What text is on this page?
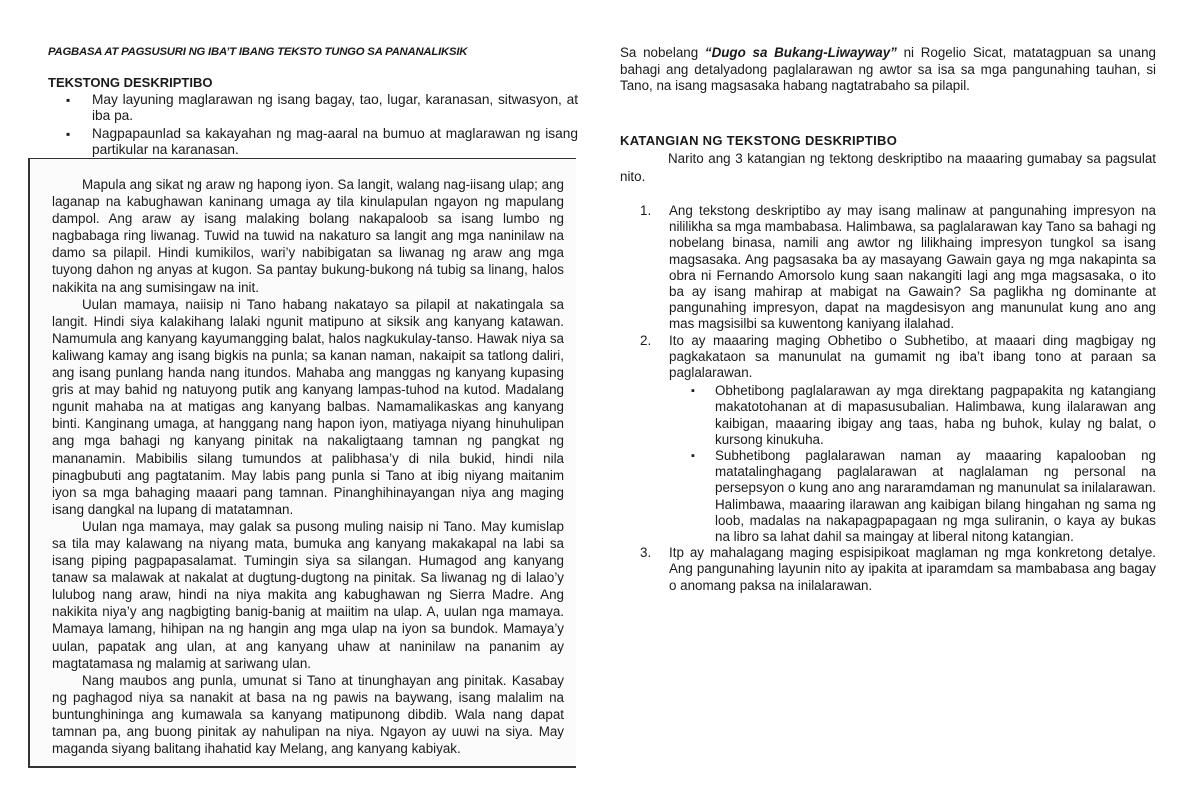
PAGBASA AT PAGSUSURI NG IBA’T IBANG TEKSTO TUNGO SA PANANALIKSIK
TEKSTONG DESKRIPTIBO
▪ May layuning maglarawan ng isang bagay, tao, lugar, karanasan, sitwasyon, at iba pa.
▪ Nagpapaunlad sa kakayahan ng mag-aaral na bumuo at maglarawan ng isang partikular na karanasan.

Mapula ang sikat ng araw ng hapong iyon. Sa langit, walang nag-iisang ulap; ang laganap na kabughawan kaninang umaga ay tila kinulapulan ngayon ng mapulang dampol. Ang araw ay isang malaking bolang nakapaloob sa isang lumbo ng nagbabaga ring liwanag. Tuwid na tuwid na nakaturo sa langit ang mga naninilaw na damo sa pilapil. Hindi kumikilos, wari’y nabibigatan sa liwanag ng araw ang mga tuyong dahon ng anyas at kugon. Sa pantay bukung-bukong ná tubig sa linang, halos nakikita na ang sumisingaw na init.

Uulan mamaya, naiisip ni Tano habang nakatayo sa pilapil at nakatingala sa langit. Hindi siya kalakihang lalaki ngunit matipuno at siksik ang kanyang katawan. Namumula ang kanyang kayumangging balat, halos nagkukulay-tanso. Hawak niya sa kaliwang kamay ang isang bigkis na punla; sa kanan naman, nakaipit sa tatlong daliri, ang isang punlang handa nang itundos. Mahaba ang manggas ng kanyang kupasing gris at may bahid ng natuyong putik ang kanyang lampas-tuhod na kutod. Madalang ngunit mahaba na at matigas ang kanyang balbas. Namamalikaskas ang kanyang binti. Kanginang umaga, at hanggang nang hapon iyon, matiyaga niyang hinuhulipan ang mga bahagi ng kanyang pinitak na nakaligtaang tamnan ng pangkat ng mananamin. Mabibilis silang tumundos at palibhasa’y di nila bukid, hindi nila pinagbubuti ang pagtatanim. May labis pang punla si Tano at ibig niyang maitanim iyon sa mga bahaging maaari pang tamnan. Pinanghihinayangan niya ang maging isang dangkal na lupang di matatamnan.

Uulan nga mamaya, may galak sa pusong muling naisip ni Tano. May kumislap sa tila may kalawang na niyang mata, bumuka ang kanyang makakapal na labi sa isang piping pagpapasalamat. Tumingin siya sa silangan. Humagod ang kanyang tanaw sa malawak at nakalat at dugtung-dugtong na pinitak. Sa liwanag ng di lalao’y lulubog nang araw, hindi na niya makita ang kabughawan ng Sierra Madre. Ang nakikita niya’y ang nagbigting banig-banig at maiitim na ulap. A, uulan nga mamaya. Mamaya lamang, hihipan na ng hangin ang mga ulap na iyon sa bundok. Mamaya’y uulan, papatak ang ulan, at ang kanyang uhaw at naninilaw na pananim ay magtatamasa ng malamig at sariwang ulan.

Nang maubos ang punla, umunat si Tano at tinunghayan ang pinitak. Kasabay ng paghagod niya sa nanakit at basa na ng pawis na baywang, isang malalim na buntunghininga ang kumawala sa kanyang matipunong dibdib. Wala nang dapat tamnan pa, ang buong pinitak ay nahulipan na niya. Ngayon ay uuwi na siya. May maganda siyang balitang ihahatid kay Melang, ang kanyang kabiyak.

Sa nobelang “Dugo sa Bukang-Liwayway” ni Rogelio Sicat, matatagpuan sa unang bahagi ang detalyadong paglalarawan ng awtor sa isa sa mga pangunahing tauhan, si Tano, na isang magsasaka habang nagtatrabaho sa pilapil.
KATANGIAN NG TEKSTONG DESKRIPTIBO
Narito ang 3 katangian ng tektong deskriptibo na maaaring gumabay sa pagsulat nito.
1. Ang tekstong deskriptibo ay may isang malinaw at pangunahing impresyon na nililikha sa mga mambabasa. Halimbawa, sa paglalarawan kay Tano sa bahagi ng nobelang binasa, namili ang awtor ng lilikhaing impresyon tungkol sa isang magsasaka. Ang pagsasaka ba ay masayang Gawain gaya ng mga nakapinta sa obra ni Fernando Amorsolo kung saan nakangiti lagi ang mga magsasaka, o ito ba ay isang mahirap at mabigat na Gawain? Sa paglikha ng dominante at pangunahing impresyon, dapat na magdesisyon ang manunulat kung ano ang mas magsisilbi sa kuwentong kaniyang ilalahad.
2. Ito ay maaaring maging Obhetibo o Subhetibo, at maaari ding magbigay ng pagkakataon sa manunulat na gumamit ng iba’t ibang tono at paraan sa paglalarawan.
▪ Obhetibong paglalarawan ay mga direktang pagpapakita ng katangiang makatotohanan at di mapasusubalian. Halimbawa, kung ilalarawan ang kaibigan, maaaring ibigay ang taas, haba ng buhok, kulay ng balat, o kursong kinukuha.
▪ Subhetibong paglalarawan naman ay maaaring kapalooban ng matatalinghagang paglalarawan at naglalaman ng personal na persepsyon o kung ano ang nararamdaman ng manunulat sa inilalarawan. Halimbawa, maaaring ilarawan ang kaibigan bilang hingahan ng sama ng loob, madalas na nakapagpapagaan ng mga suliranin, o kaya ay bukas na libro sa lahat dahil sa maingay at liberal nitong katangian.
3. Itp ay mahalagang maging espisipikoat maglaman ng mga konkretong detalye. Ang pangunahing layunin nito ay ipakita at iparamdam sa mambabasa ang bagay o anomang paksa na inilalarawan.
